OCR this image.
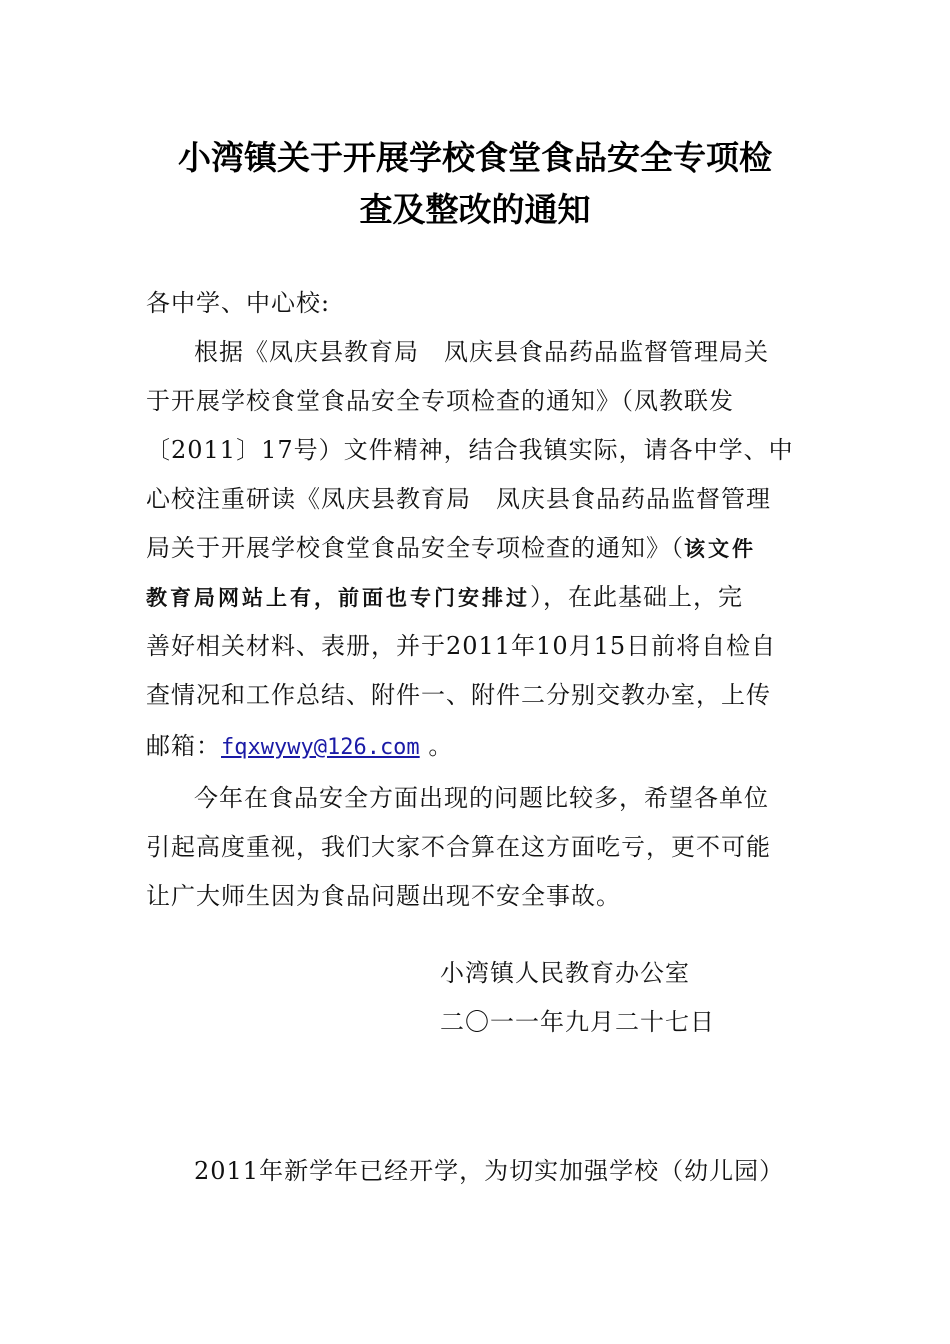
小湾镇关于开展学校食堂食品安全专项检
查及整改的通知
各中学、中心校:
根据《凤庆县教育局　凤庆县食品药品监督管理局关
于开展学校食堂食品安全专项检查的通知》（凤教联发
〔2011〕17号）文件精神，结合我镇实际，请各中学、中
心校注重研读《凤庆县教育局　凤庆县食品药品监督管理
局关于开展学校食堂食品安全专项检查的通知》（该文件
教育局网站上有，前面也专门安排过），在此基础上，完
善好相关材料、表册，并于2011年10月15日前将自检自
查情况和工作总结、附件一、附件二分别交教办室，上传
邮箱：fqxwywy@126.com 。
今年在食品安全方面出现的问题比较多，希望各单位
引起高度重视，我们大家不合算在这方面吃亏，更不可能
让广大师生因为食品问题出现不安全事故。
小湾镇人民教育办公室
二〇一一年九月二十七日
2011年新学年已经开学，为切实加强学校（幼儿园）
